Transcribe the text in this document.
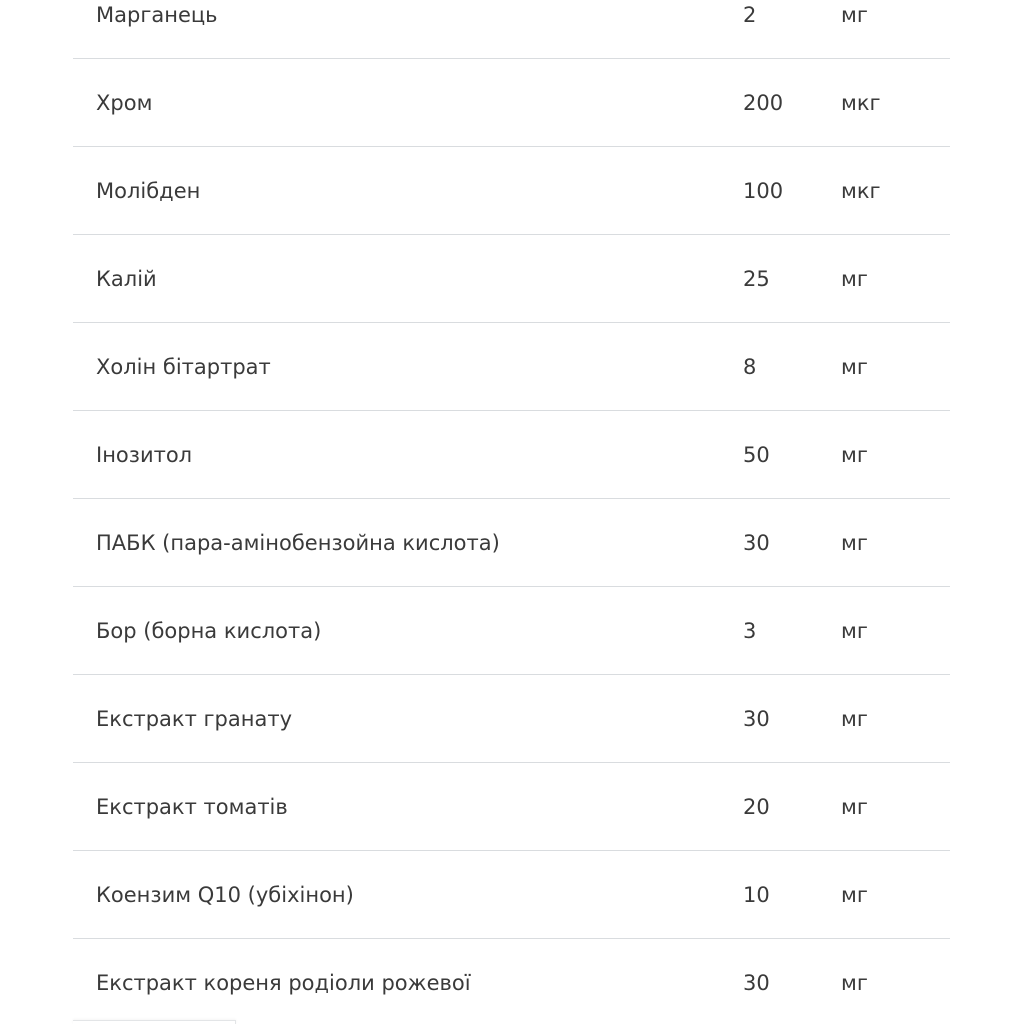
Марганець	2	мг
Хром	200	мкг
Молібден	100	мкг
Калій	25	мг
Холін бітартрат	8	мг
Інозитол	50	мг
ПАБК (пара-амінобензойна кислота)	30	мг
Бор (борна кислота)	3	мг
Екстракт гранату	30	мг
Екстракт томатів	20	мг
Коензим Q10 (убіхінон)	10	мг
Екстракт кореня родіоли рожевої	30	мг
